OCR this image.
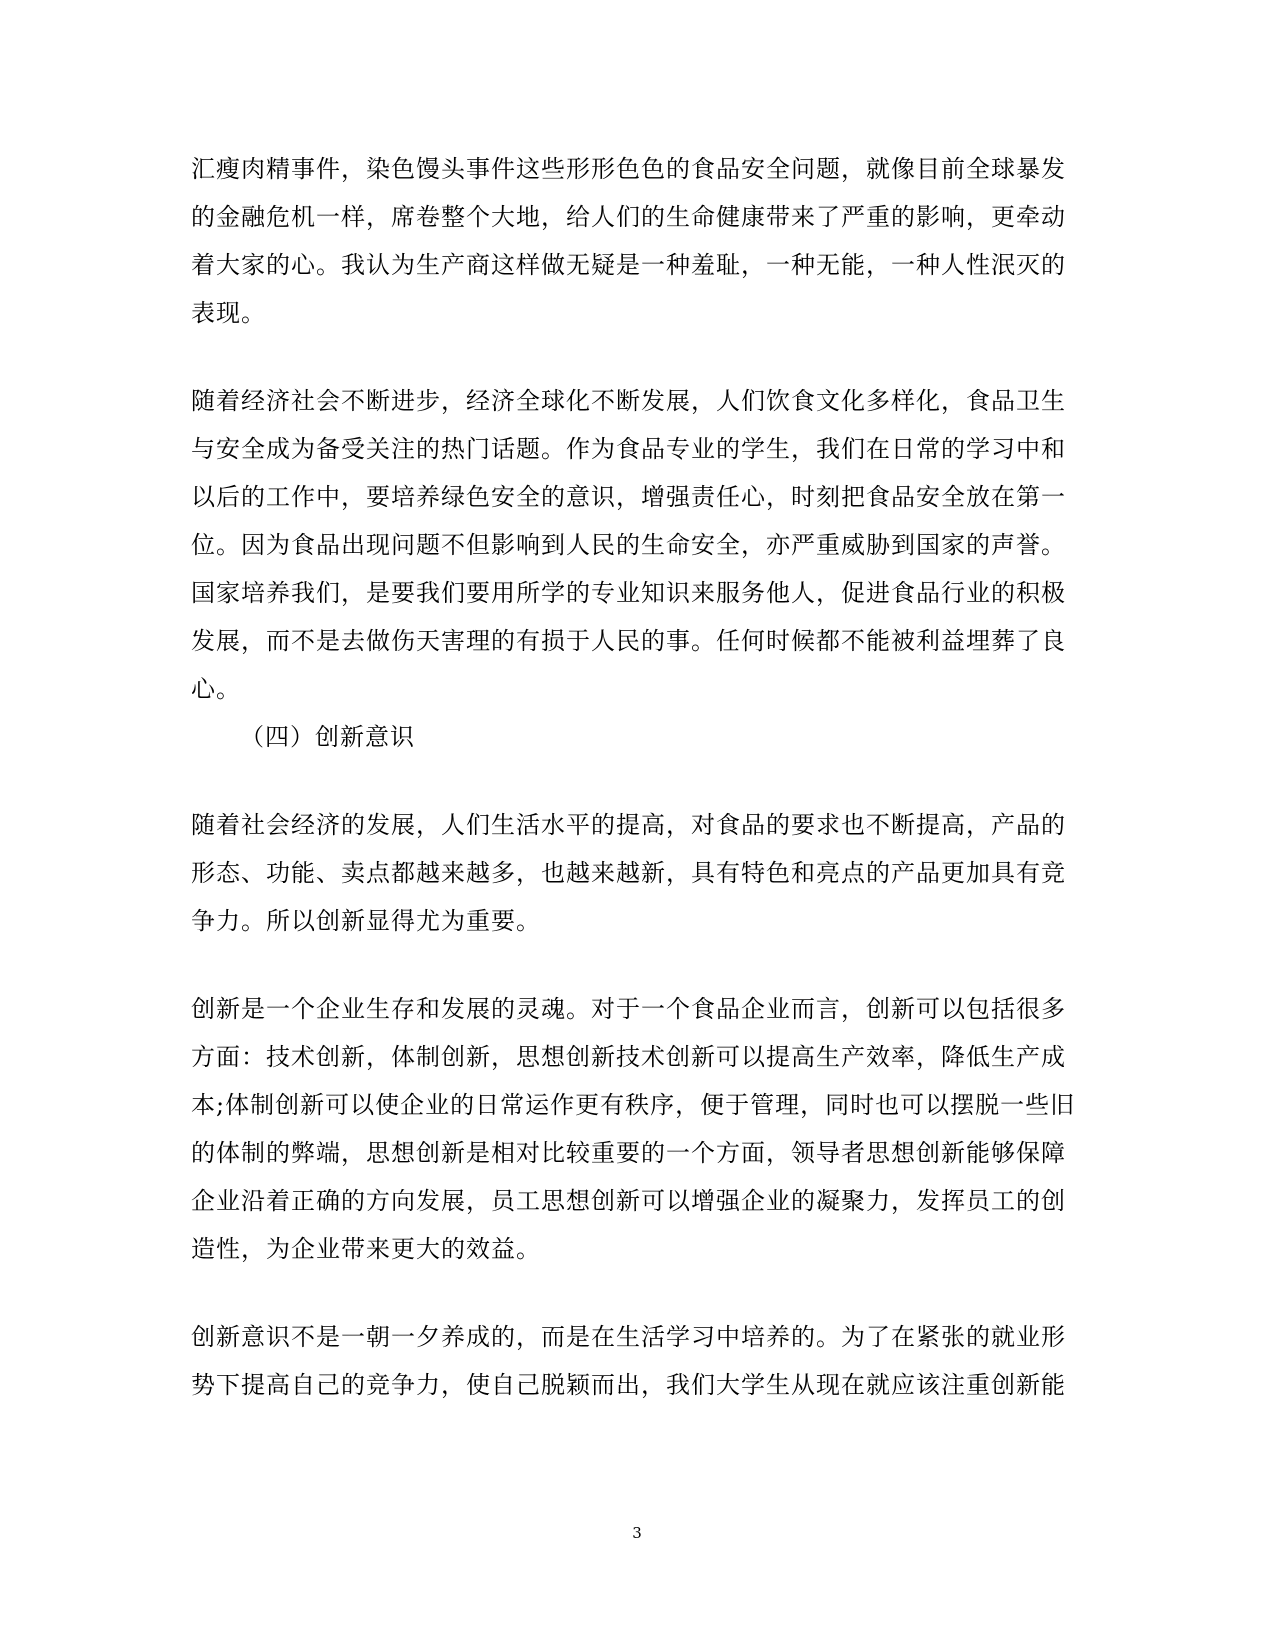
汇瘦肉精事件，染色馒头事件这些形形色色的食品安全问题，就像目前全球暴发

的金融危机一样，席卷整个大地，给人们的生命健康带来了严重的影响，更牵动

着大家的心。我认为生产商这样做无疑是一种羞耻，一种无能，一种人性泯灭的

表现。

随着经济社会不断进步，经济全球化不断发展，人们饮食文化多样化，食品卫生

与安全成为备受关注的热门话题。作为食品专业的学生，我们在日常的学习中和

以后的工作中，要培养绿色安全的意识，增强责任心，时刻把食品安全放在第一

位。因为食品出现问题不但影响到人民的生命安全，亦严重威胁到国家的声誉。

国家培养我们，是要我们要用所学的专业知识来服务他人，促进食品行业的积极

发展，而不是去做伤天害理的有损于人民的事。任何时候都不能被利益埋葬了良

心。

（四）创新意识

随着社会经济的发展，人们生活水平的提高，对食品的要求也不断提高，产品的

形态、功能、卖点都越来越多，也越来越新，具有特色和亮点的产品更加具有竞

争力。所以创新显得尤为重要。

创新是一个企业生存和发展的灵魂。对于一个食品企业而言，创新可以包括很多

方面：技术创新，体制创新，思想创新技术创新可以提高生产效率，降低生产成

本;体制创新可以使企业的日常运作更有秩序，便于管理，同时也可以摆脱一些旧

的体制的弊端，思想创新是相对比较重要的一个方面，领导者思想创新能够保障

企业沿着正确的方向发展，员工思想创新可以增强企业的凝聚力，发挥员工的创

造性，为企业带来更大的效益。

创新意识不是一朝一夕养成的，而是在生活学习中培养的。为了在紧张的就业形

势下提高自己的竞争力，使自己脱颖而出，我们大学生从现在就应该注重创新能

3
